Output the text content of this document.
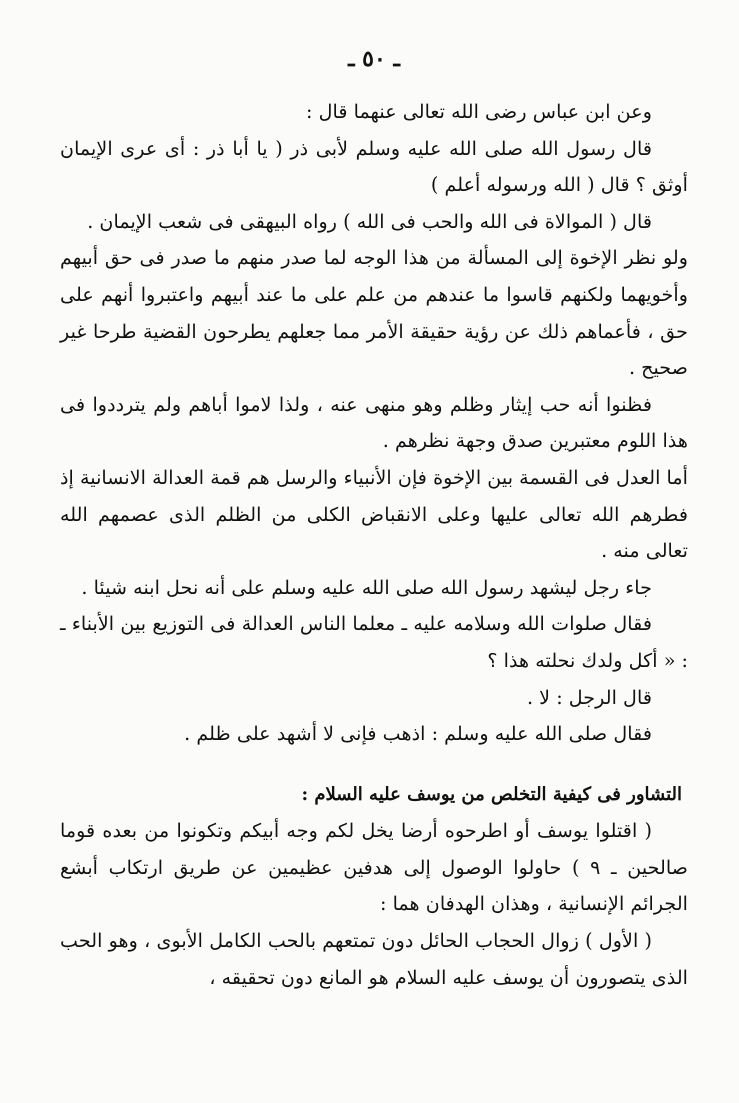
ـ ٥٠ ـ

وعن ابن عباس رضى الله تعالى عنهما قال :

قال رسول الله صلى الله عليه وسلم لأبى ذر ( يا أبا ذر : أى عرى الإيمان أوثق ؟ قال ( الله ورسوله أعلم )

قال ( الموالاة فى الله والحب فى الله ) رواه البيهقى فى شعب الإيمان .

ولو نظر الإخوة إلى المسألة من هذا الوجه لما صدر منهم ما صدر فى حق أبيهم وأخويهما ولكنهم قاسوا ما عندهم من علم على ما عند أبيهم واعتبروا أنهم على حق ، فأعماهم ذلك عن رؤية حقيقة الأمر مما جعلهم يطرحون القضية طرحا غير صحيح .

فظنوا أنه حب إيثار وظلم وهو منهى عنه ، ولذا لاموا أباهم ولم يترددوا فى هذا اللوم معتبرين صدق وجهة نظرهم .

أما العدل فى القسمة بين الإخوة فإن الأنبياء والرسل هم قمة العدالة الانسانية إذ فطرهم الله تعالى عليها وعلى الانقباض الكلى من الظلم الذى عصمهم الله تعالى منه .

جاء رجل ليشهد رسول الله صلى الله عليه وسلم على أنه نحل ابنه شيئا .

فقال صلوات الله وسلامه عليه ـ معلما الناس العدالة فى التوزيع بين الأبناء ـ : « أكل ولدك نحلته هذا ؟

قال الرجل : لا .

فقال صلى الله عليه وسلم : اذهب فإنى لا أشهد على ظلم .

التشاور فى كيفية التخلص من يوسف عليه السلام :

( اقتلوا يوسف أو اطرحوه أرضا يخل لكم وجه أبيكم وتكونوا من بعده قوما صالحين ـ ٩ ) حاولوا الوصول إلى هدفين عظيمين عن طريق ارتكاب أبشع الجرائم الإنسانية ، وهذان الهدفان هما :

( الأول ) زوال الحجاب الحائل دون تمتعهم بالحب الكامل الأبوى ، وهو الحب الذى يتصورون أن يوسف عليه السلام هو المانع دون تحقيقه ،
